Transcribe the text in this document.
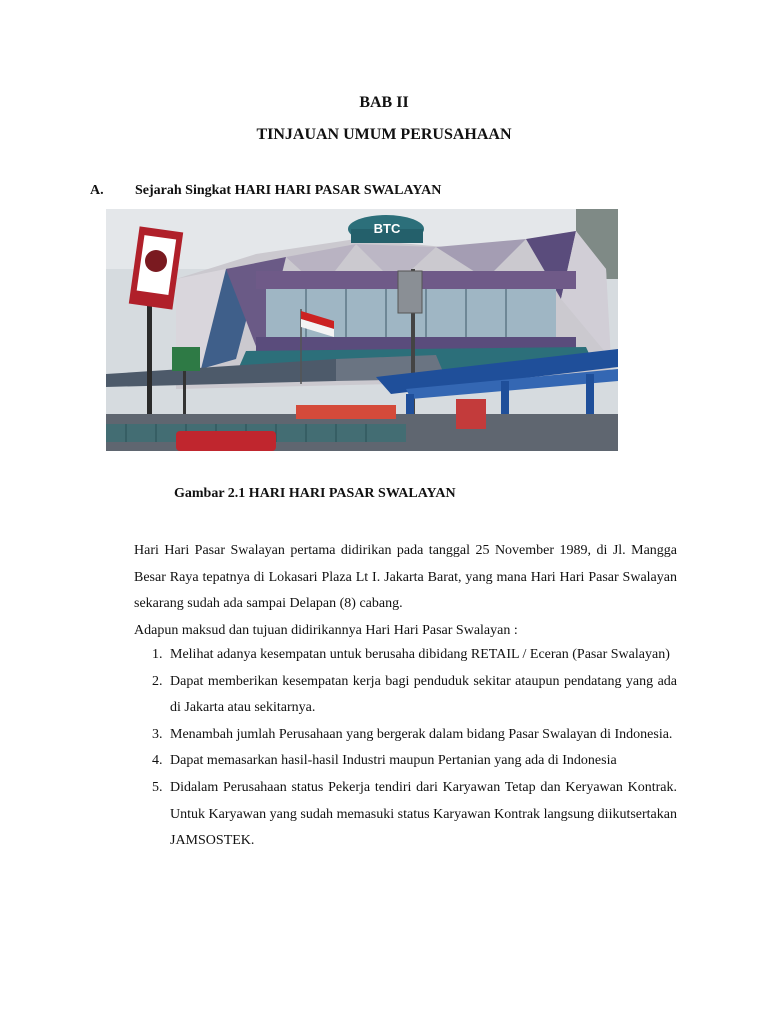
BAB II
TINJAUAN UMUM PERUSAHAAN
A. Sejarah Singkat HARI HARI PASAR SWALAYAN
BTC
Gambar 2.1 HARI HARI PASAR SWALAYAN

Hari Hari Pasar Swalayan pertama didirikan pada tanggal 25 November 1989, di Jl. Mangga Besar Raya tepatnya di Lokasari Plaza Lt I. Jakarta Barat, yang mana Hari Hari Pasar Swalayan sekarang sudah ada sampai Delapan (8) cabang.

Adapun maksud dan tujuan didirikannya Hari Hari Pasar Swalayan :

1. Melihat adanya kesempatan untuk berusaha dibidang RETAIL / Eceran (Pasar Swalayan)
2. Dapat memberikan kesempatan kerja bagi penduduk sekitar ataupun pendatang yang ada di Jakarta atau sekitarnya.
3. Menambah jumlah Perusahaan yang bergerak dalam bidang Pasar Swalayan di Indonesia.
4. Dapat memasarkan hasil-hasil Industri maupun Pertanian yang ada di Indonesia
5. Didalam Perusahaan status Pekerja tendiri dari Karyawan Tetap dan Keryawan Kontrak. Untuk Karyawan yang sudah memasuki status Karyawan Kontrak langsung diikutsertakan JAMSOSTEK.
